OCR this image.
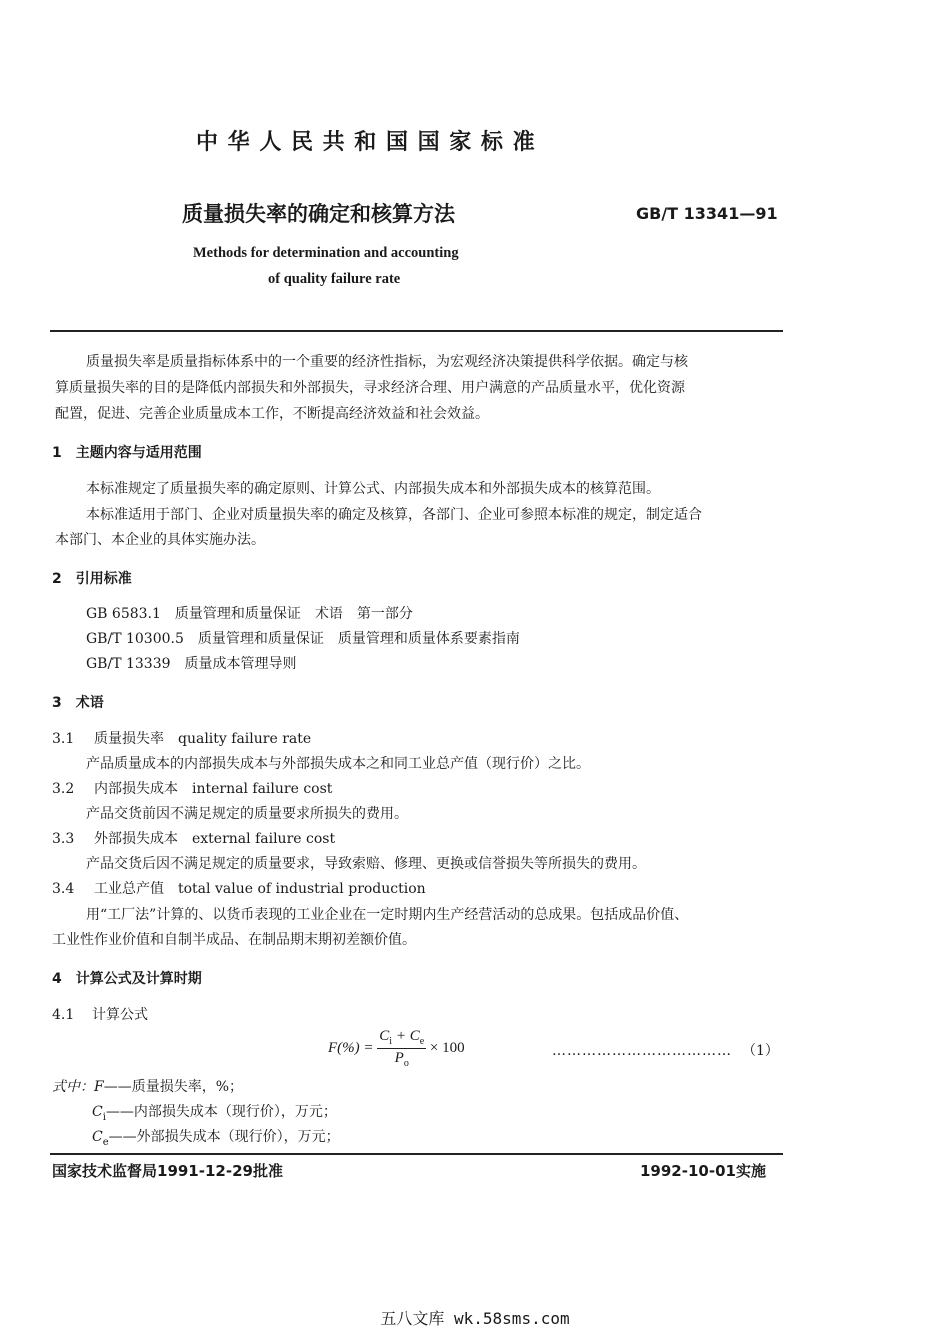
中 华 人 民 共 和 国 国 家 标 准
质量损失率的确定和核算方法	GB/T 13341—91
Methods for determination and accounting
of quality failure rate
质量损失率是质量指标体系中的一个重要的经济性指标，为宏观经济决策提供科学依据。确定与核
算质量损失率的目的是降低内部损失和外部损失，寻求经济合理、用户满意的产品质量水平，优化资源
配置，促进、完善企业质量成本工作，不断提高经济效益和社会效益。
1　主题内容与适用范围
本标准规定了质量损失率的确定原则、计算公式、内部损失成本和外部损失成本的核算范围。
本标准适用于部门、企业对质量损失率的确定及核算，各部门、企业可参照本标准的规定，制定适合
本部门、本企业的具体实施办法。
2　引用标准
GB 6583.1　质量管理和质量保证　术语　第一部分
GB/T 10300.5　质量管理和质量保证　质量管理和质量体系要素指南
GB/T 13339　质量成本管理导则
3　术语
3.1 质量损失率　quality failure rate
产品质量成本的内部损失成本与外部损失成本之和同工业总产值（现行价）之比。
3.2 内部损失成本　internal failure cost
产品交货前因不满足规定的质量要求所损失的费用。
3.3 外部损失成本　external failure cost
产品交货后因不满足规定的质量要求，导致索赔、修理、更换或信誉损失等所损失的费用。
3.4 工业总产值　total value of industrial production
用“工厂法”计算的、以货币表现的工业企业在一定时期内生产经营活动的总成果。包括成品价值、
工业性作业价值和自制半成品、在制品期末期初差额价值。
4　计算公式及计算时期
4.1 计算公式
$F(\%) = \frac{C_i + C_e}{P_o} \times 100$	……………………………… （1）
式中：F——质量损失率，%；
$C_i——$内部损失成本（现行价），万元；
$C_e——$外部损失成本（现行价），万元；
国家技术监督局1991-12-29批准	1992-10-01实施
五八文库 wk.58sms.com
